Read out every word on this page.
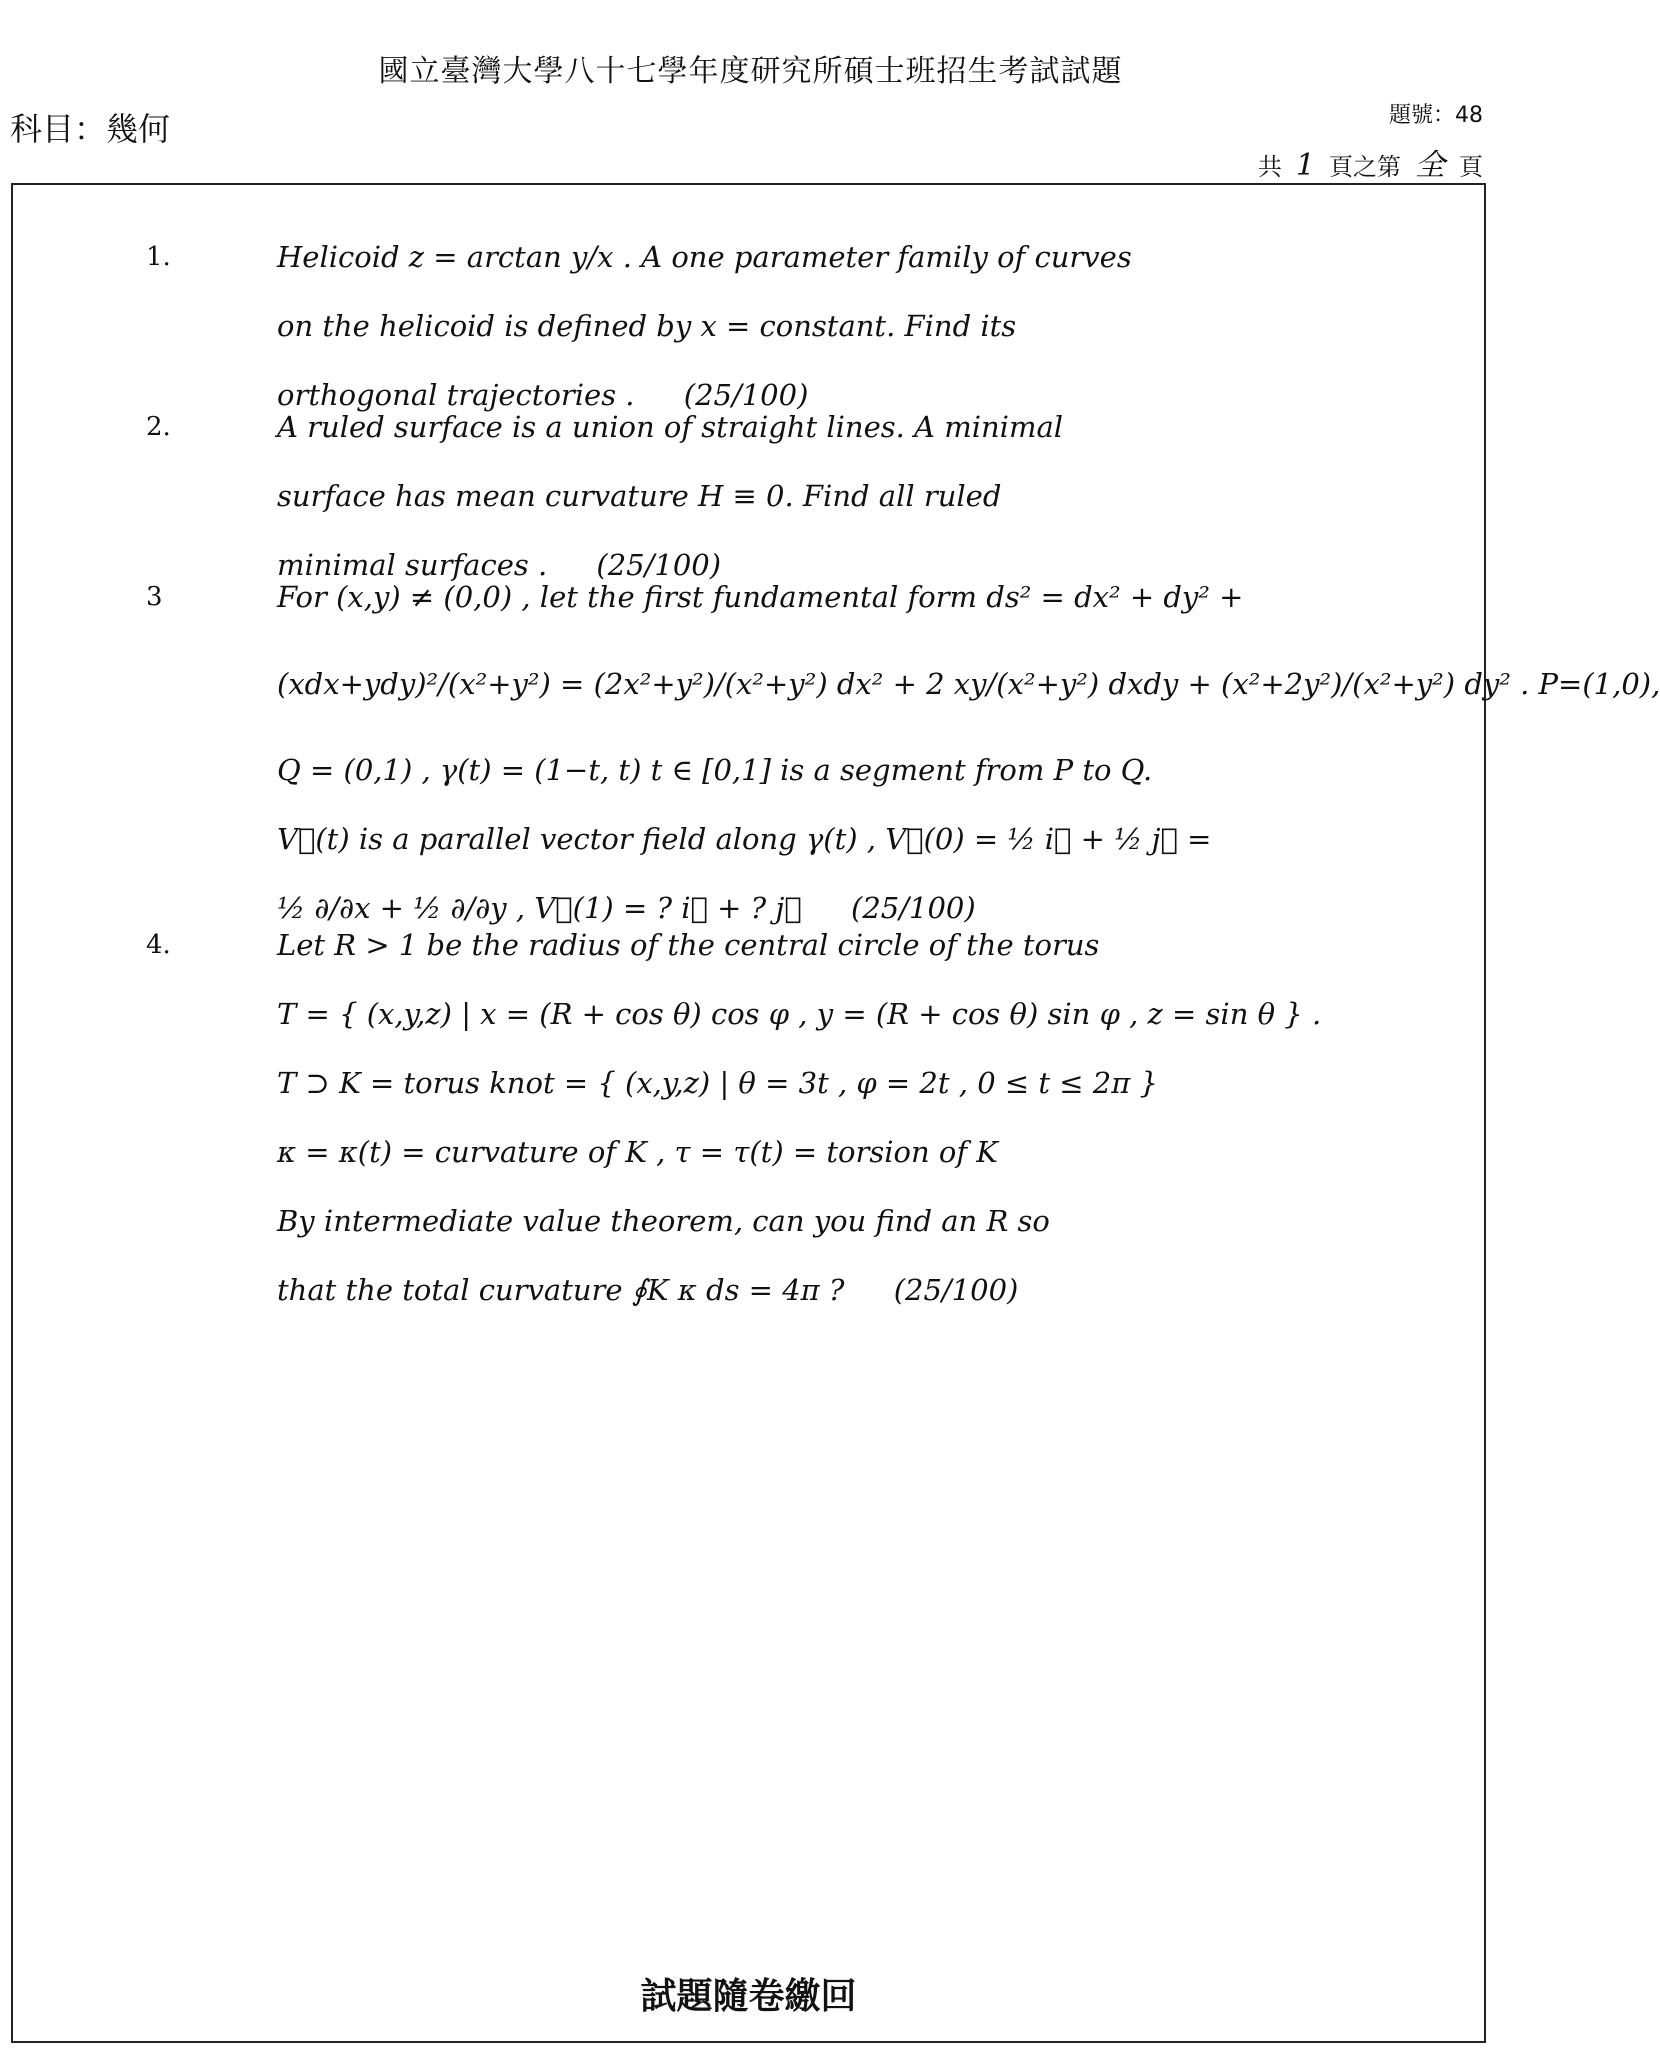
國立臺灣大學八十七學年度研究所碩士班招生考試試題
科目：幾何	題號：48
共 1 頁之第 全 頁
1.	Helicoid z = arctan y/x . A one parameter family of curves
on the helicoid is defined by x = constant. Find its
orthogonal trajectories . (25/100)
2.	A ruled surface is a union of straight lines. A minimal
surface has mean curvature H ≡ 0. Find all ruled
minimal surfaces . (25/100)
3	For (x,y) ≠ (0,0) , let the first fundamental form ds² = dx² + dy² +
(xdx+ydy)²/(x²+y²) = (2x²+y²)/(x²+y²) dx² + 2 xy/(x²+y²) dxdy + (x²+2y²)/(x²+y²) dy² . P=(1,0),
Q = (0,1) , γ(t) = (1−t, t) t ∈ [0,1] is a segment from P to Q.
V⃗(t) is a parallel vector field along γ(t) , V⃗(0) = ½ i⃗ + ½ j⃗ =
½ ∂/∂x + ½ ∂/∂y , V⃗(1) = ? i⃗ + ? j⃗ (25/100)
4.	Let R > 1 be the radius of the central circle of the torus
T = { (x,y,z) | x = (R + cos θ) cos φ , y = (R + cos θ) sin φ , z = sin θ } .
T ⊃ K = torus knot = { (x,y,z) | θ = 3t , φ = 2t , 0 ≤ t ≤ 2π }
κ = κ(t) = curvature of K , τ = τ(t) = torsion of K
By intermediate value theorem, can you find an R so
that the total curvature ∮K κ ds = 4π ? (25/100)
試題隨卷繳回
